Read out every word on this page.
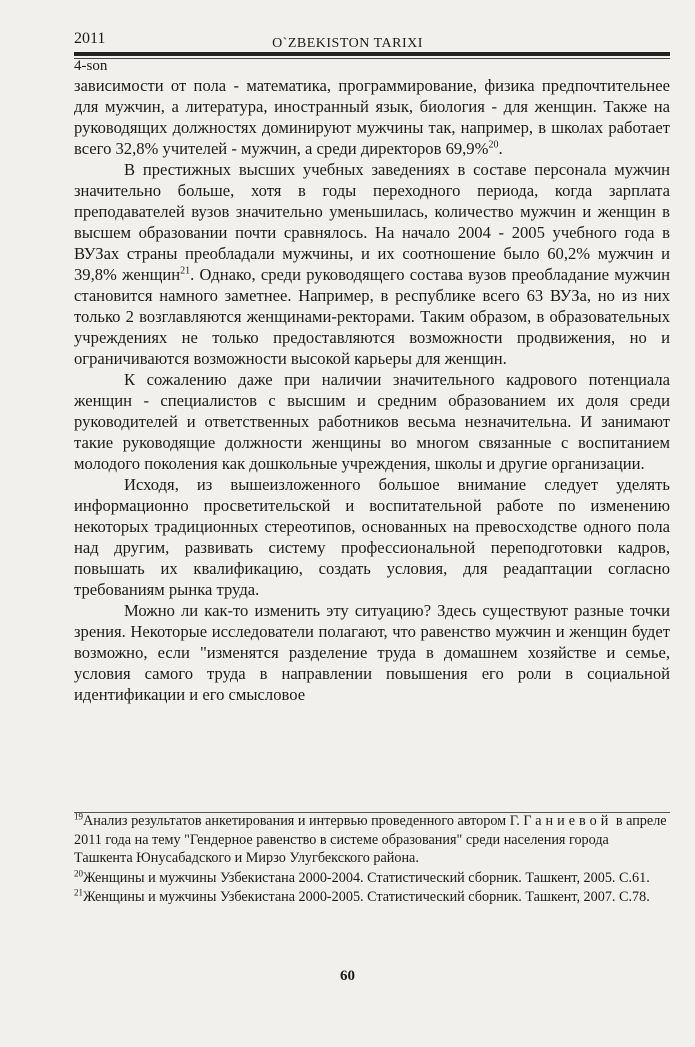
2011	O`ZBEKISTON TARIXI
4-son

зависимости от пола - математика, программирование, физика предпочтительнее для мужчин, а литература, иностранный язык, биология - для женщин. Также на руководящих должностях доминируют мужчины так, например, в школах работает всего 32,8% учителей - мужчин, а среди директоров 69,9%$^{20}$.

В престижных высших учебных заведениях в составе персонала мужчин значительно больше, хотя в годы переходного периода, когда зарплата преподавателей вузов значительно уменьшилась, количество мужчин и женщин в высшем образовании почти сравнялось. На начало 2004 - 2005 учебного года в ВУЗах страны преобладали мужчины, и их соотношение было 60,2% мужчин и 39,8% женщин$^{21}$. Однако, среди руководящего состава вузов преобладание мужчин становится намного заметнее. Например, в республике всего 63 ВУЗа, но из них только 2 возглавляются женщинами-ректорами. Таким образом, в образовательных учреждениях не только предоставляются возможности продвижения, но и ограничиваются возможности высокой карьеры для женщин.

К сожалению даже при наличии значительного кадрового потенциала женщин - специалистов с высшим и средним образованием их доля среди руководителей и ответственных работников весьма незначительна. И занимают такие руководящие должности женщины во многом связанные с воспитанием молодого поколения как дошкольные учреждения, школы и другие организации.

Исходя, из вышеизложенного большое внимание следует уделять информационно просветительской и воспитательной работе по изменению некоторых традиционных стереотипов, основанных на превосходстве одного пола над другим, развивать систему профессиональной переподготовки кадров, повышать их квалификацию, создать условия, для реадаптации согласно требованиям рынка труда.

Можно ли как-то изменить эту ситуацию? Здесь существуют разные точки зрения. Некоторые исследователи полагают, что равенство мужчин и женщин будет возможно, если "изменятся разделение труда в домашнем хозяйстве и семье, условия самого труда в направлении повышения его роли в социальной идентификации и его смысловое

$^{19}$Анализ результатов анкетирования и интервью проведенного автором Г. Ганиевой в апреле 2011 года на тему "Гендерное равенство в системе образования" среди населения города Ташкента Юнусабадского и Мирзо Улугбекского района.

$^{20}$Женщины и мужчины Узбекистана 2000-2004. Статистический сборник. Ташкент, 2005. С.61.

$^{21}$Женщины и мужчины Узбекистана 2000-2005. Статистический сборник. Ташкент, 2007. С.78.

60
